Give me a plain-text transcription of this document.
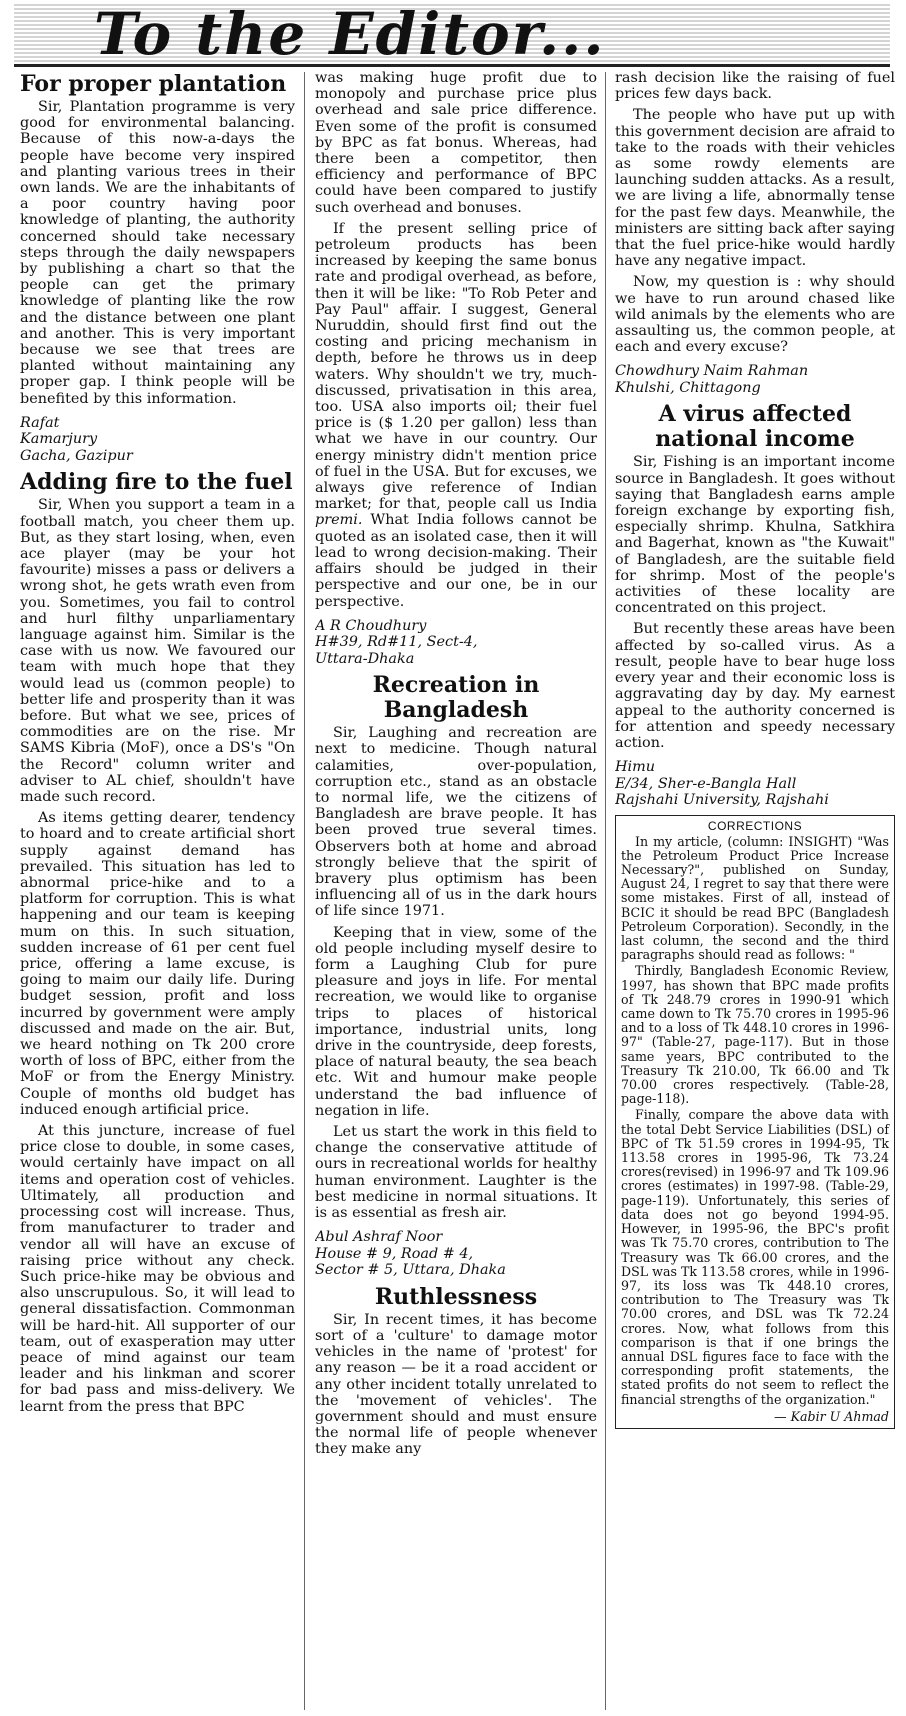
To the Editor...
For proper plantation

Sir, Plantation programme is very good for environmental balancing. Because of this now-a-days the people have become very inspired and planting various trees in their own lands. We are the inhabitants of a poor country having poor knowledge of planting, the authority concerned should take necessary steps through the daily newspapers by publishing a chart so that the people can get the primary knowledge of planting like the row and the distance between one plant and another. This is very important because we see that trees are planted without maintaining any proper gap. I think people will be benefited by this information.

Rafat
Kamarjury
Gacha, Gazipur
Adding fire to the fuel

Sir, When you support a team in a football match, you cheer them up. But, as they start losing, when, even ace player (may be your hot favourite) misses a pass or delivers a wrong shot, he gets wrath even from you. Sometimes, you fail to control and hurl filthy unparliamentary language against him. Similar is the case with us now. We favoured our team with much hope that they would lead us (common people) to better life and prosperity than it was before. But what we see, prices of commodities are on the rise. Mr SAMS Kibria (MoF), once a DS's "On the Record" column writer and adviser to AL chief, shouldn't have made such record.

As items getting dearer, tendency to hoard and to create artificial short supply against demand has prevailed. This situation has led to abnormal price-hike and to a platform for corruption. This is what happening and our team is keeping mum on this. In such situation, sudden increase of 61 per cent fuel price, offering a lame excuse, is going to maim our daily life. During budget session, profit and loss incurred by government were amply discussed and made on the air. But, we heard nothing on Tk 200 crore worth of loss of BPC, either from the MoF or from the Energy Ministry. Couple of months old budget has induced enough artificial price.

At this juncture, increase of fuel price close to double, in some cases, would certainly have impact on all items and operation cost of vehicles. Ultimately, all production and processing cost will increase. Thus, from manufacturer to trader and vendor all will have an excuse of raising price without any check. Such price-hike may be obvious and also unscrupulous. So, it will lead to general dissatisfaction. Commonman will be hard-hit. All supporter of our team, out of exasperation may utter peace of mind against our team leader and his linkman and scorer for bad pass and miss-delivery. We learnt from the press that BPC

was making huge profit due to monopoly and purchase price plus overhead and sale price difference. Even some of the profit is consumed by BPC as fat bonus. Whereas, had there been a competitor, then efficiency and performance of BPC could have been compared to justify such overhead and bonuses.

If the present selling price of petroleum products has been increased by keeping the same bonus rate and prodigal overhead, as before, then it will be like: "To Rob Peter and Pay Paul" affair. I suggest, General Nuruddin, should first find out the costing and pricing mechanism in depth, before he throws us in deep waters. Why shouldn't we try, much-discussed, privatisation in this area, too. USA also imports oil; their fuel price is ($ 1.20 per gallon) less than what we have in our country. Our energy ministry didn't mention price of fuel in the USA. But for excuses, we always give reference of Indian market; for that, people call us India premi. What India follows cannot be quoted as an isolated case, then it will lead to wrong decision-making. Their affairs should be judged in their perspective and our one, be in our perspective.

A R Choudhury
H#39, Rd#11, Sect-4,
Uttara-Dhaka
Recreation in Bangladesh

Sir, Laughing and recreation are next to medicine. Though natural calamities, over-population, corruption etc., stand as an obstacle to normal life, we the citizens of Bangladesh are brave people. It has been proved true several times. Observers both at home and abroad strongly believe that the spirit of bravery plus optimism has been influencing all of us in the dark hours of life since 1971.

Keeping that in view, some of the old people including myself desire to form a Laughing Club for pure pleasure and joys in life. For mental recreation, we would like to organise trips to places of historical importance, industrial units, long drive in the countryside, deep forests, place of natural beauty, the sea beach etc. Wit and humour make people understand the bad influence of negation in life.

Let us start the work in this field to change the conservative attitude of ours in recreational worlds for healthy human environment. Laughter is the best medicine in normal situations. It is as essential as fresh air.

Abul Ashraf Noor
House # 9, Road # 4,
Sector # 5, Uttara, Dhaka
Ruthlessness

Sir, In recent times, it has become sort of a 'culture' to damage motor vehicles in the name of 'protest' for any reason — be it a road accident or any other incident totally unrelated to the 'movement of vehicles'. The government should and must ensure the normal life of people whenever they make any

rash decision like the raising of fuel prices few days back.

The people who have put up with this government decision are afraid to take to the roads with their vehicles as some rowdy elements are launching sudden attacks. As a result, we are living a life, abnormally tense for the past few days. Meanwhile, the ministers are sitting back after saying that the fuel price-hike would hardly have any negative impact.

Now, my question is : why should we have to run around chased like wild animals by the elements who are assaulting us, the common people, at each and every excuse?

Chowdhury Naim Rahman
Khulshi, Chittagong
A virus affected national income

Sir, Fishing is an important income source in Bangladesh. It goes without saying that Bangladesh earns ample foreign exchange by exporting fish, especially shrimp. Khulna, Satkhira and Bagerhat, known as "the Kuwait" of Bangladesh, are the suitable field for shrimp. Most of the people's activities of these locality are concentrated on this project.

But recently these areas have been affected by so-called virus. As a result, people have to bear huge loss every year and their economic loss is aggravating day by day. My earnest appeal to the authority concerned is for attention and speedy necessary action.

Himu
E/34, Sher-e-Bangla Hall
Rajshahi University, Rajshahi
CORRECTIONS

In my article, (column: INSIGHT) "Was the Petroleum Product Price Increase Necessary?", published on Sunday, August 24, I regret to say that there were some mistakes. First of all, instead of BCIC it should be read BPC (Bangladesh Petroleum Corporation). Secondly, in the last column, the second and the third paragraphs should read as follows: "

Thirdly, Bangladesh Economic Review, 1997, has shown that BPC made profits of Tk 248.79 crores in 1990-91 which came down to Tk 75.70 crores in 1995-96 and to a loss of Tk 448.10 crores in 1996-97" (Table-27, page-117). But in those same years, BPC contributed to the Treasury Tk 210.00, Tk 66.00 and Tk 70.00 crores respectively. (Table-28, page-118).

Finally, compare the above data with the total Debt Service Liabilities (DSL) of BPC of Tk 51.59 crores in 1994-95, Tk 113.58 crores in 1995-96, Tk 73.24 crores(revised) in 1996-97 and Tk 109.96 crores (estimates) in 1997-98. (Table-29, page-119). Unfortunately, this series of data does not go beyond 1994-95. However, in 1995-96, the BPC's profit was Tk 75.70 crores, contribution to The Treasury was Tk 66.00 crores, and the DSL was Tk 113.58 crores, while in 1996-97, its loss was Tk 448.10 crores, contribution to The Treasury was Tk 70.00 crores, and DSL was Tk 72.24 crores. Now, what follows from this comparison is that if one brings the annual DSL figures face to face with the corresponding profit statements, the stated profits do not seem to reflect the financial strengths of the organization."

— Kabir U Ahmad
